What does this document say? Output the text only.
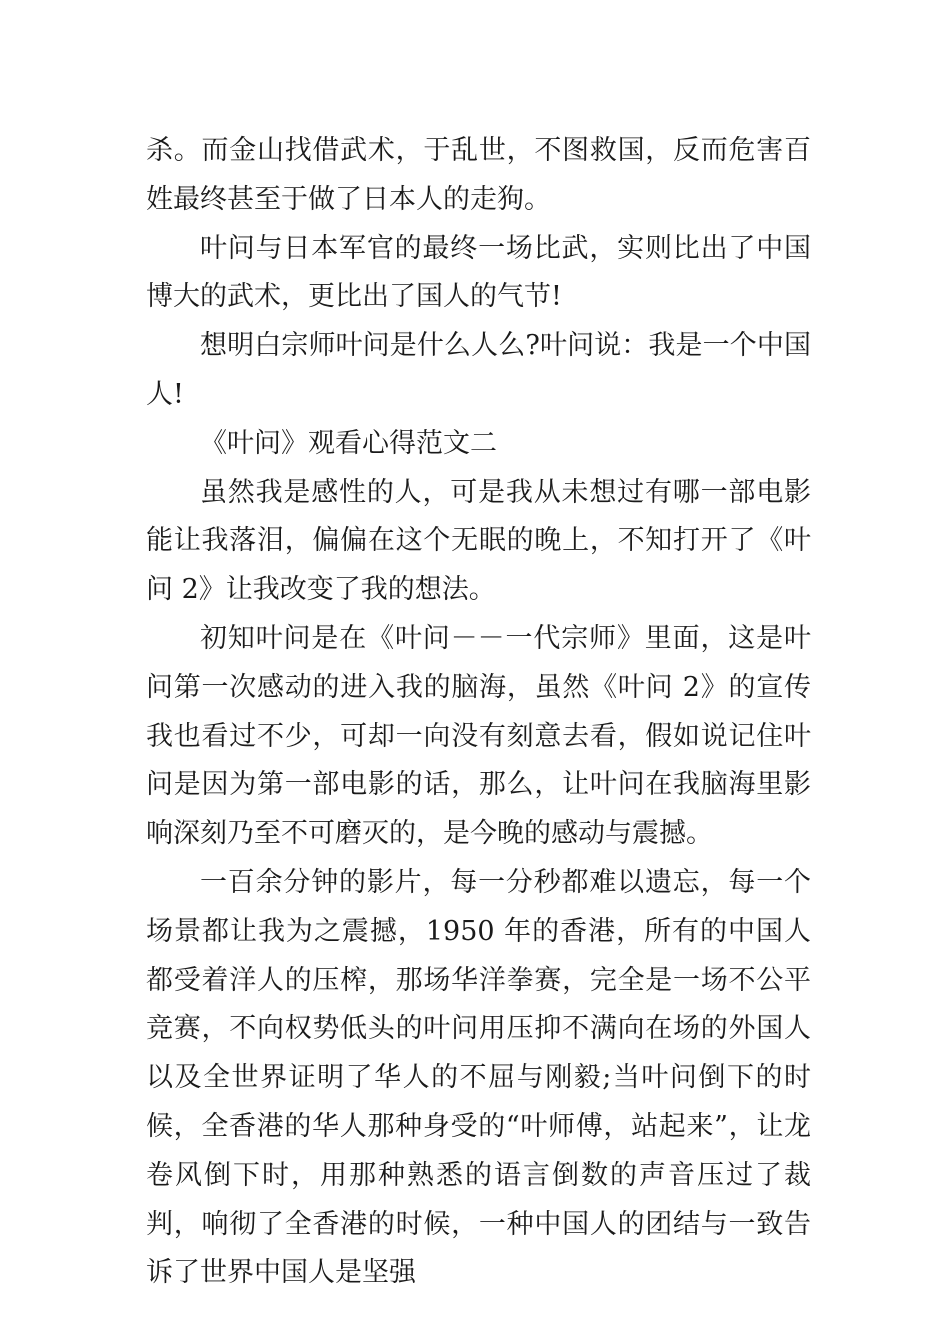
杀。而金山找借武术，于乱世，不图救国，反而危害百姓最终甚至于做了日本人的走狗。

叶问与日本军官的最终一场比武，实则比出了中国博大的武术，更比出了国人的气节!

想明白宗师叶问是什么人么?叶问说：我是一个中国人!

《叶问》观看心得范文二

虽然我是感性的人，可是我从未想过有哪一部电影能让我落泪，偏偏在这个无眠的晚上，不知打开了《叶问 2》让我改变了我的想法。

初知叶问是在《叶问－－一代宗师》里面，这是叶问第一次感动的进入我的脑海，虽然《叶问 2》的宣传我也看过不少，可却一向没有刻意去看，假如说记住叶问是因为第一部电影的话，那么，让叶问在我脑海里影响深刻乃至不可磨灭的，是今晚的感动与震撼。

一百余分钟的影片，每一分秒都难以遗忘，每一个场景都让我为之震撼，1950 年的香港，所有的中国人都受着洋人的压榨，那场华洋拳赛，完全是一场不公平竞赛，不向权势低头的叶问用压抑不满向在场的外国人以及全世界证明了华人的不屈与刚毅;当叶问倒下的时候，全香港的华人那种身受的“叶师傅，站起来”，让龙卷风倒下时，用那种熟悉的语言倒数的声音压过了裁判，响彻了全香港的时候，一种中国人的团结与一致告诉了世界中国人是坚强
